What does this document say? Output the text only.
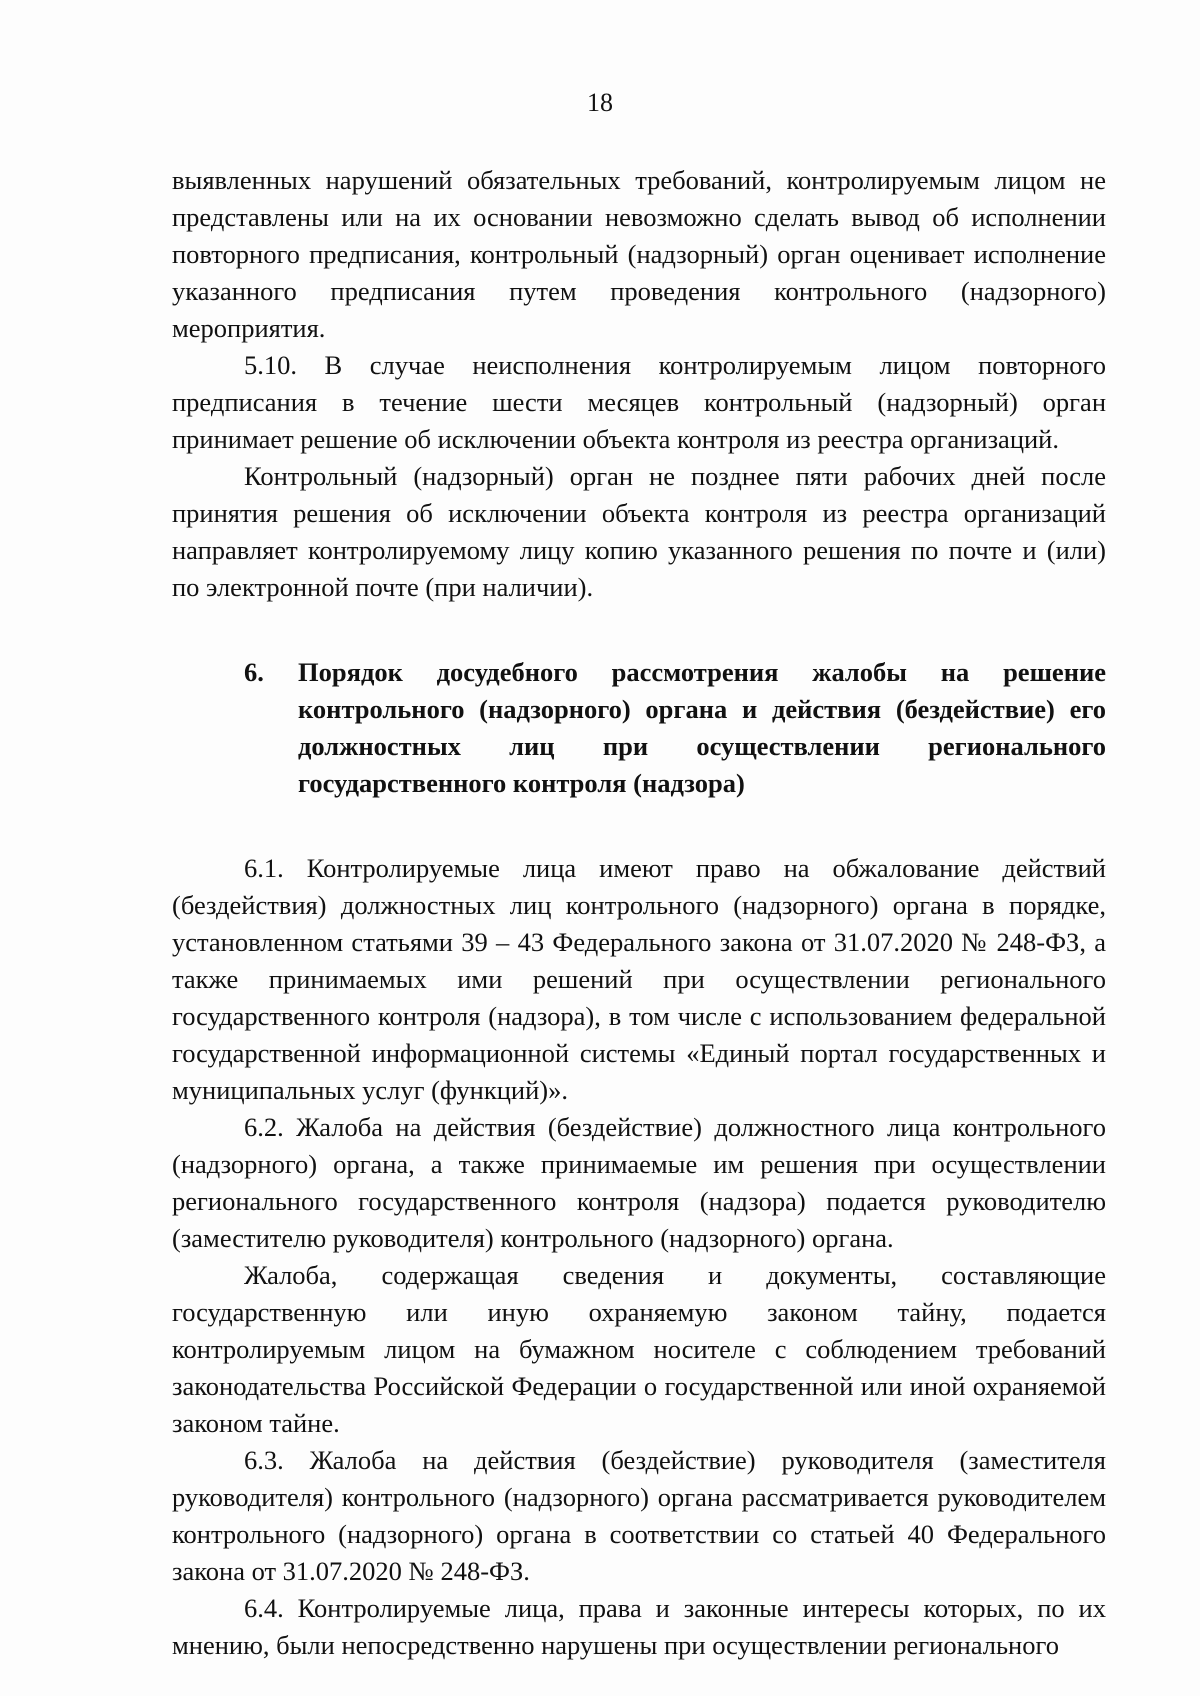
18

выявленных нарушений обязательных требований, контролируемым лицом не представлены или на их основании невозможно сделать вывод об исполнении повторного предписания, контрольный (надзорный) орган оценивает исполнение указанного предписания путем проведения контрольного (надзорного) мероприятия.

5.10. В случае неисполнения контролируемым лицом повторного предписания в течение шести месяцев контрольный (надзорный) орган принимает решение об исключении объекта контроля из реестра организаций.

Контрольный (надзорный) орган не позднее пяти рабочих дней после принятия решения об исключении объекта контроля из реестра организаций направляет контролируемому лицу копию указанного решения по почте и (или) по электронной почте (при наличии).

6. Порядок досудебного рассмотрения жалобы на решение контрольного (надзорного) органа и действия (бездействие) его должностных лиц при осуществлении регионального государственного контроля (надзора)

6.1. Контролируемые лица имеют право на обжалование действий (бездействия) должностных лиц контрольного (надзорного) органа в порядке, установленном статьями 39 – 43 Федерального закона от 31.07.2020 № 248-ФЗ, а также принимаемых ими решений при осуществлении регионального государственного контроля (надзора), в том числе с использованием федеральной государственной информационной системы «Единый портал государственных и муниципальных услуг (функций)».

6.2. Жалоба на действия (бездействие) должностного лица контрольного (надзорного) органа, а также принимаемые им решения при осуществлении регионального государственного контроля (надзора) подается руководителю (заместителю руководителя) контрольного (надзорного) органа.

Жалоба, содержащая сведения и документы, составляющие государственную или иную охраняемую законом тайну, подается контролируемым лицом на бумажном носителе с соблюдением требований законодательства Российской Федерации о государственной или иной охраняемой законом тайне.

6.3. Жалоба на действия (бездействие) руководителя (заместителя руководителя) контрольного (надзорного) органа рассматривается руководителем контрольного (надзорного) органа в соответствии со статьей 40 Федерального закона от 31.07.2020 № 248-ФЗ.

6.4. Контролируемые лица, права и законные интересы которых, по их мнению, были непосредственно нарушены при осуществлении регионального
